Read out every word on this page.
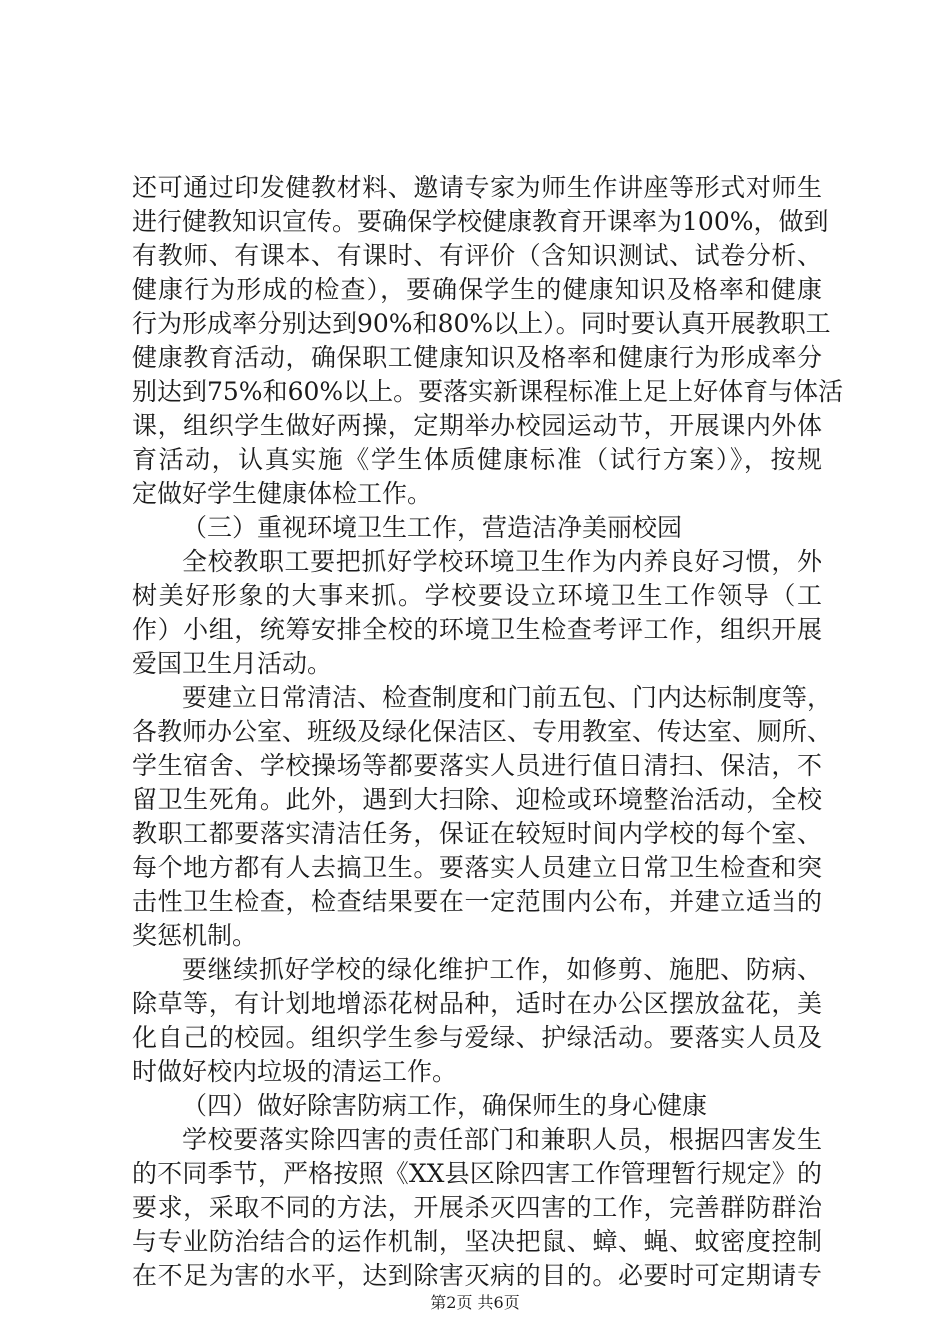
还可通过印发健教材料、邀请专家为师生作讲座等形式对师生
进行健教知识宣传。要确保学校健康教育开课率为100%，做到
有教师、有课本、有课时、有评价（含知识测试、试卷分析、
健康行为形成的检查），要确保学生的健康知识及格率和健康
行为形成率分别达到90%和80%以上）。同时要认真开展教职工
健康教育活动，确保职工健康知识及格率和健康行为形成率分
别达到75%和60%以上。要落实新课程标准上足上好体育与体活
课，组织学生做好两操，定期举办校园运动节，开展课内外体
育活动，认真实施《学生体质健康标准（试行方案）》，按规
定做好学生健康体检工作。
（三）重视环境卫生工作，营造洁净美丽校园
全校教职工要把抓好学校环境卫生作为内养良好习惯，外
树美好形象的大事来抓。学校要设立环境卫生工作领导（工
作）小组，统筹安排全校的环境卫生检查考评工作，组织开展
爱国卫生月活动。
要建立日常清洁、检查制度和门前五包、门内达标制度等，
各教师办公室、班级及绿化保洁区、专用教室、传达室、厕所、
学生宿舍、学校操场等都要落实人员进行值日清扫、保洁，不
留卫生死角。此外，遇到大扫除、迎检或环境整治活动，全校
教职工都要落实清洁任务，保证在较短时间内学校的每个室、
每个地方都有人去搞卫生。要落实人员建立日常卫生检查和突
击性卫生检查，检查结果要在一定范围内公布，并建立适当的
奖惩机制。
要继续抓好学校的绿化维护工作，如修剪、施肥、防病、
除草等，有计划地增添花树品种，适时在办公区摆放盆花，美
化自己的校园。组织学生参与爱绿、护绿活动。要落实人员及
时做好校内垃圾的清运工作。
（四）做好除害防病工作，确保师生的身心健康
学校要落实除四害的责任部门和兼职人员，根据四害发生
的不同季节，严格按照《XX县区除四害工作管理暂行规定》的
要求，采取不同的方法，开展杀灭四害的工作，完善群防群治
与专业防治结合的运作机制，坚决把鼠、蟑、蝇、蚊密度控制
在不足为害的水平，达到除害灭病的目的。必要时可定期请专
第2页 共6页
